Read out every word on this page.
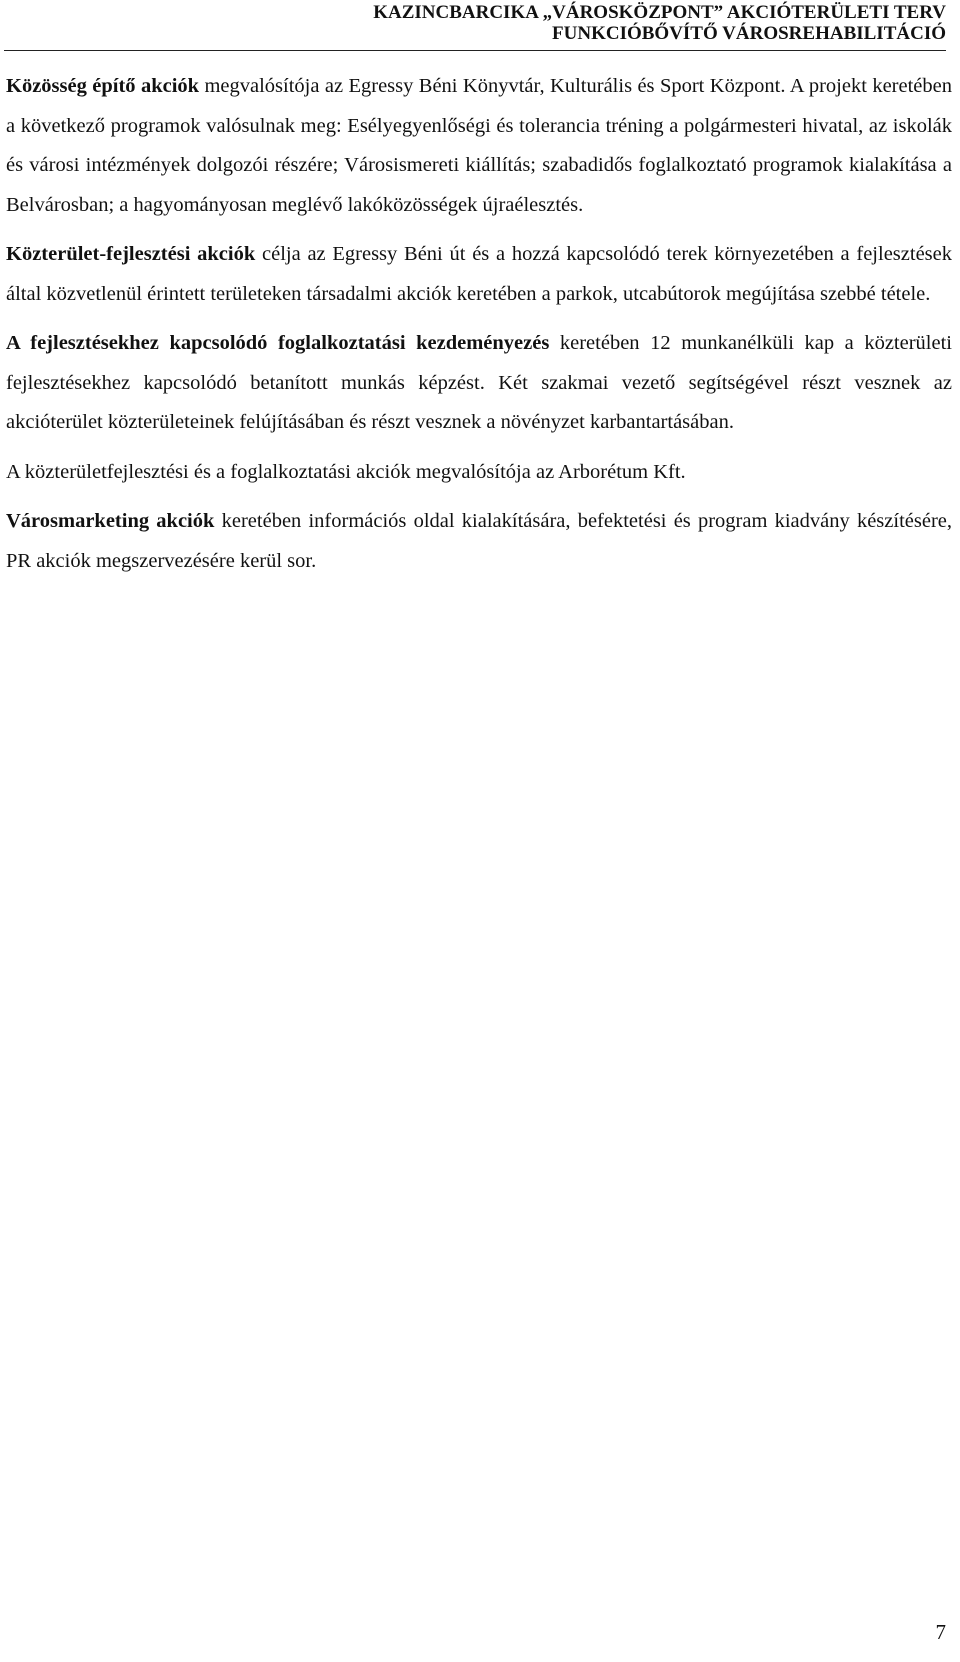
KAZINCBARCIKA „VÁROSKÖZPONT” AKCIÓTERÜLETI TERV
FUNKCIÓBŐVÍTŐ VÁROSREHABILITÁCIÓ

Közösség építő akciók megvalósítója az Egressy Béni Könyvtár, Kulturális és Sport Központ. A projekt keretében a következő programok valósulnak meg: Esélyegyenlőségi és tolerancia tréning a polgármesteri hivatal, az iskolák és városi intézmények dolgozói részére; Városismereti kiállítás; szabadidős foglalkoztató programok kialakítása a Belvárosban; a hagyományosan meglévő lakóközösségek újraélesztés.

Közterület-fejlesztési akciók célja az Egressy Béni út és a hozzá kapcsolódó terek környezetében a fejlesztések által közvetlenül érintett területeken társadalmi akciók keretében a parkok, utcabútorok megújítása szebbé tétele.

A fejlesztésekhez kapcsolódó foglalkoztatási kezdeményezés keretében 12 munkanélküli kap a közterületi fejlesztésekhez kapcsolódó betanított munkás képzést. Két szakmai vezető segítségével részt vesznek az akcióterület közterületeinek felújításában és részt vesznek a növényzet karbantartásában.

A közterületfejlesztési és a foglalkoztatási akciók megvalósítója az Arborétum Kft.

Városmarketing akciók keretében információs oldal kialakítására, befektetési és program kiadvány készítésére, PR akciók megszervezésére kerül sor.

7
